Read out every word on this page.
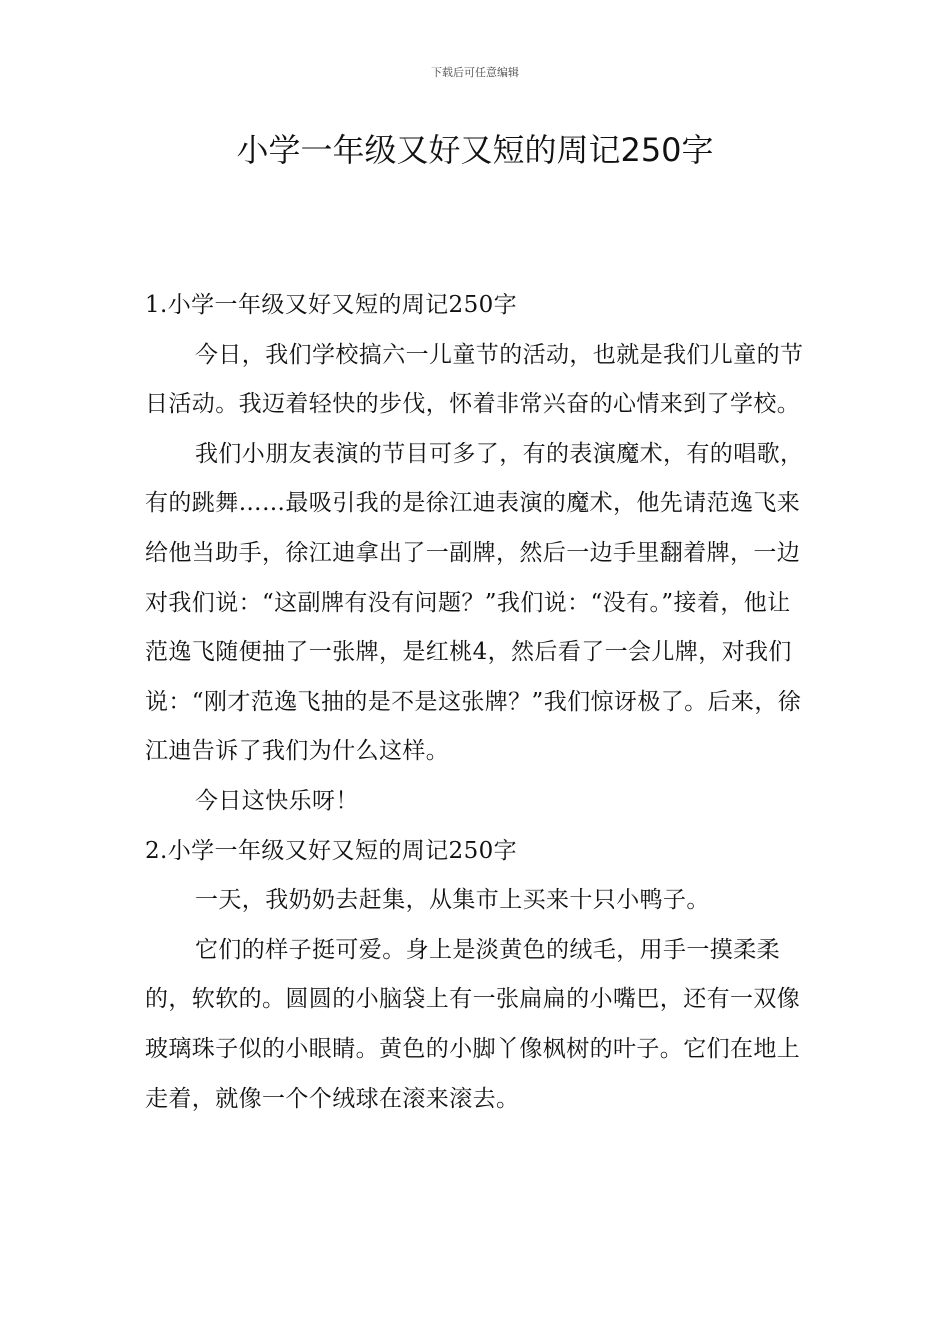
下载后可任意编辑
小学一年级又好又短的周记250字

1.小学一年级又好又短的周记250字

今日，我们学校搞六一儿童节的活动，也就是我们儿童的节日活动。我迈着轻快的步伐，怀着非常兴奋的心情来到了学校。

我们小朋友表演的节目可多了，有的表演魔术，有的唱歌，有的跳舞……最吸引我的是徐江迪表演的魔术，他先请范逸飞来给他当助手，徐江迪拿出了一副牌，然后一边手里翻着牌，一边对我们说：“这副牌有没有问题？”我们说：“没有。”接着，他让范逸飞随便抽了一张牌，是红桃4，然后看了一会儿牌，对我们说：“刚才范逸飞抽的是不是这张牌？”我们惊讶极了。后来，徐江迪告诉了我们为什么这样。

今日这快乐呀！

2.小学一年级又好又短的周记250字

一天，我奶奶去赶集，从集市上买来十只小鸭子。

它们的样子挺可爱。身上是淡黄色的绒毛，用手一摸柔柔的，软软的。圆圆的小脑袋上有一张扁扁的小嘴巴，还有一双像玻璃珠子似的小眼睛。黄色的小脚丫像枫树的叶子。它们在地上走着，就像一个个绒球在滚来滚去。
